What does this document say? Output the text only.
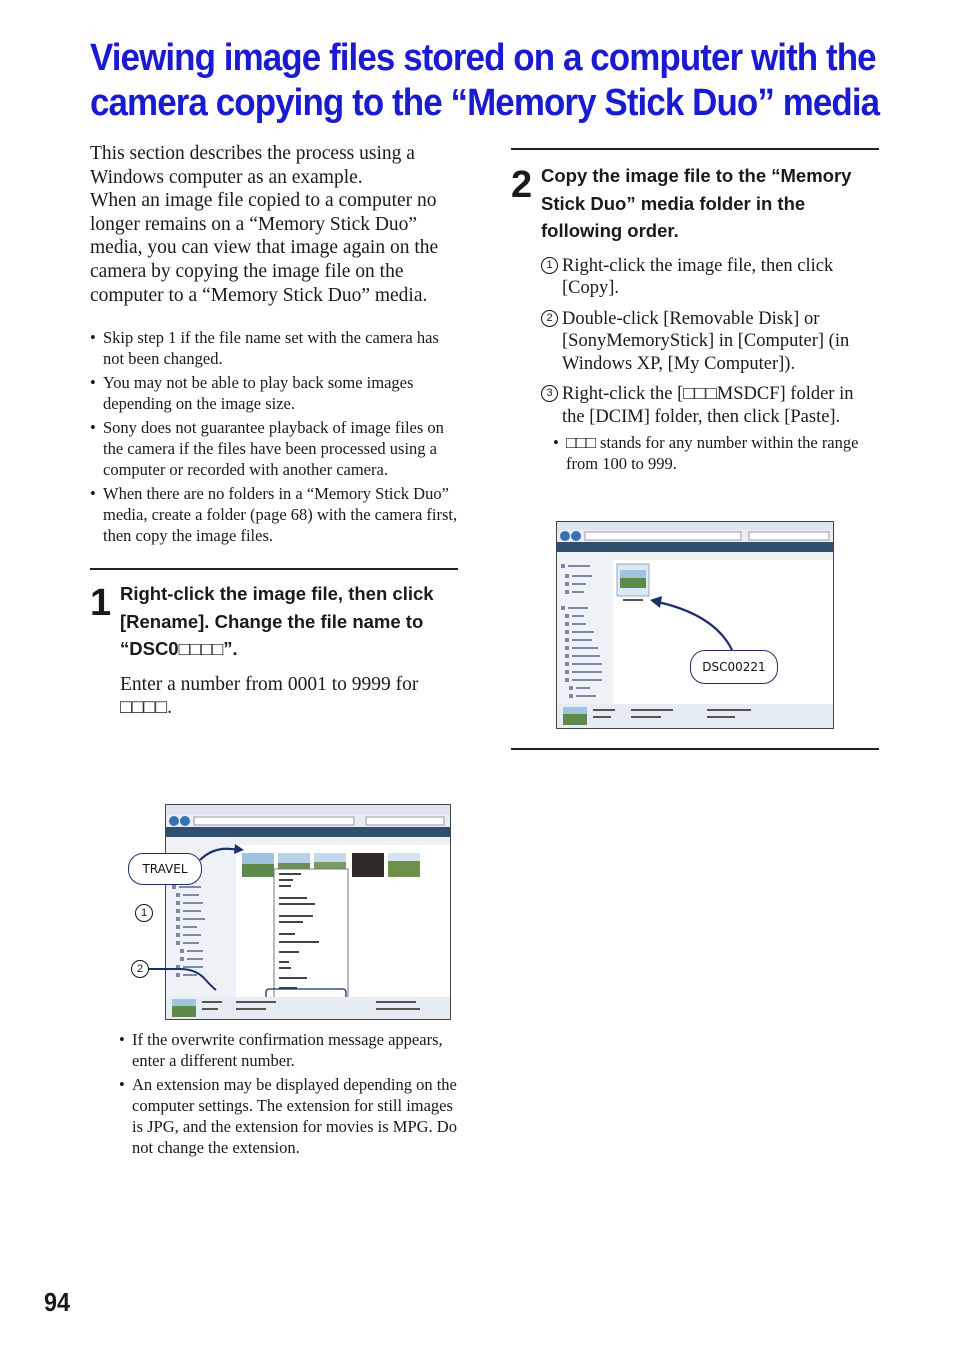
Viewing image files stored on a computer with the
camera copying to the “Memory Stick Duo” media

This section describes the process using a Windows computer as an example.

When an image file copied to a computer no longer remains on a “Memory Stick Duo” media, you can view that image again on the camera by copying the image file on the computer to a “Memory Stick Duo” media.

• Skip step 1 if the file name set with the camera has not been changed.
• You may not be able to play back some images depending on the image size.
• Sony does not guarantee playback of image files on the camera if the files have been processed using a computer or recorded with another camera.
• When there are no folders in a “Memory Stick Duo” media, create a folder (page 68) with the camera first, then copy the image files.
1 Right-click the image file, then click [Rename]. Change the file name to “DSC0□□□□”.

Enter a number from 0001 to 9999 for □□□□.

TRAVEL
1
2
• If the overwrite confirmation message appears, enter a different number.
• An extension may be displayed depending on the computer settings. The extension for still images is JPG, and the extension for movies is MPG. Do not change the extension.
2 Copy the image file to the “Memory Stick Duo” media folder in the following order.

1 Right-click the image file, then click [Copy].
2 Double-click [Removable Disk] or [SonyMemoryStick] in [Computer] (in Windows XP, [My Computer]).
3 Right-click the [□□□MSDCF] folder in the [DCIM] folder, then click [Paste].
• □□□ stands for any number within the range from 100 to 999.
DSC00221
94
